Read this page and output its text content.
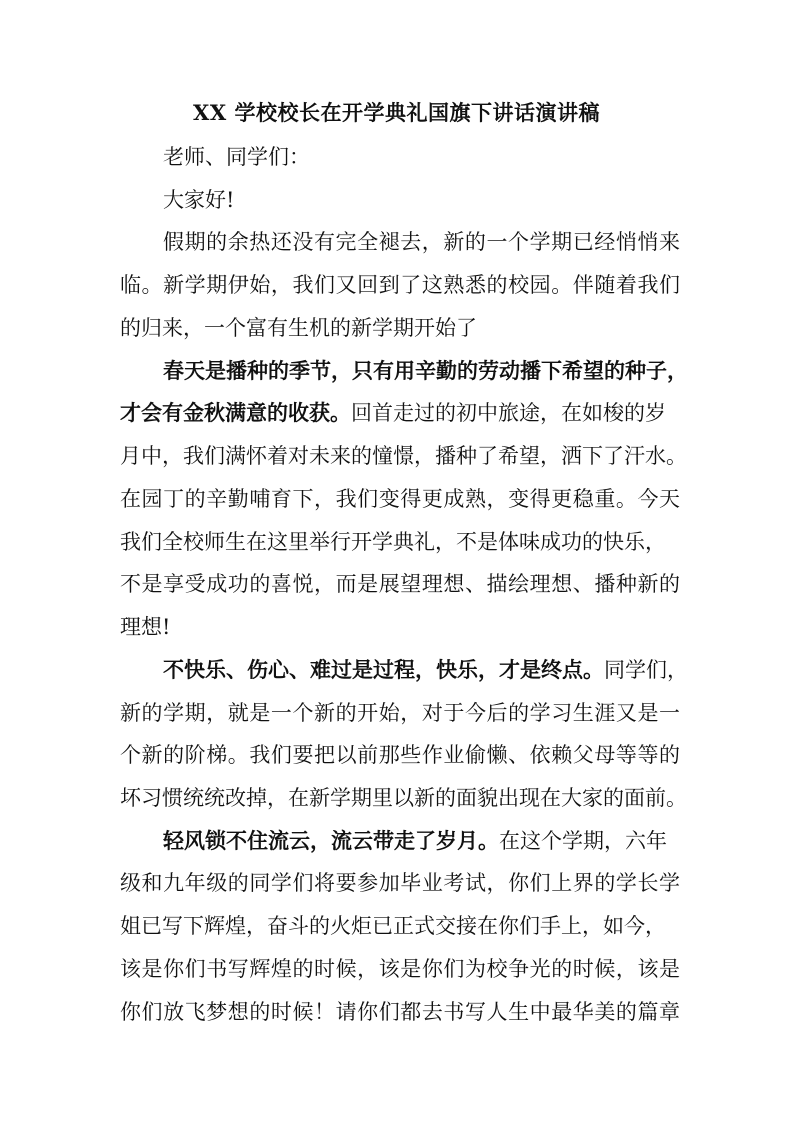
XX 学校校长在开学典礼国旗下讲话演讲稿
老师、同学们：
大家好!
假期的余热还没有完全褪去，新的一个学期已经悄悄来
临。新学期伊始，我们又回到了这熟悉的校园。伴随着我们
的归来，一个富有生机的新学期开始了
春天是播种的季节，只有用辛勤的劳动播下希望的种子，
才会有金秋满意的收获。回首走过的初中旅途，在如梭的岁
月中，我们满怀着对未来的憧憬，播种了希望，洒下了汗水。
在园丁的辛勤哺育下，我们变得更成熟，变得更稳重。今天
我们全校师生在这里举行开学典礼，不是体味成功的快乐，
不是享受成功的喜悦，而是展望理想、描绘理想、播种新的
理想!
不快乐、伤心、难过是过程，快乐，才是终点。同学们，
新的学期，就是一个新的开始，对于今后的学习生涯又是一
个新的阶梯。我们要把以前那些作业偷懒、依赖父母等等的
坏习惯统统改掉，在新学期里以新的面貌出现在大家的面前。
轻风锁不住流云，流云带走了岁月。在这个学期，六年
级和九年级的同学们将要参加毕业考试，你们上界的学长学
姐已写下辉煌，奋斗的火炬已正式交接在你们手上，如今，
该是你们书写辉煌的时候，该是你们为校争光的时候，该是
你们放飞梦想的时候！请你们都去书写人生中最华美的篇章
